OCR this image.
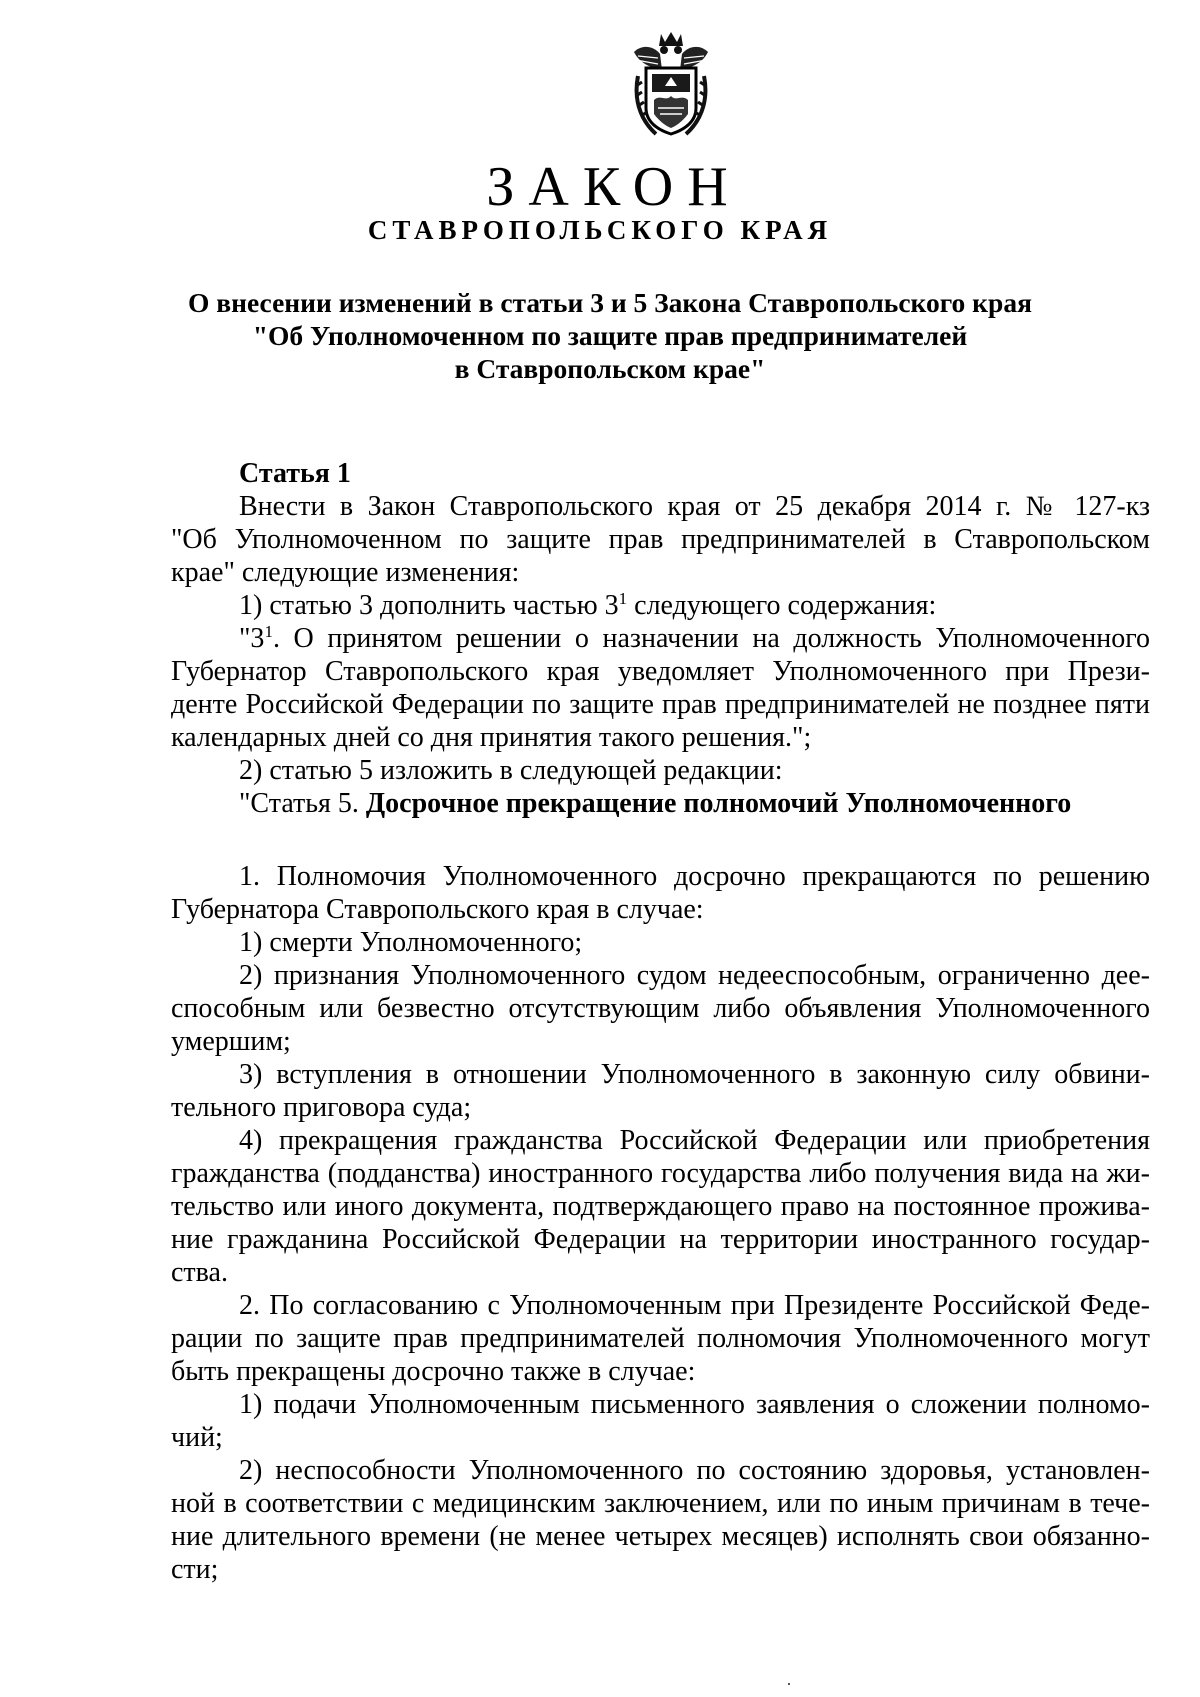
ЗАКОН
СТАВРОПОЛЬСКОГО КРАЯ
О внесении изменений в статьи 3 и 5 Закона Ставропольского края
"Об Уполномоченном по защите прав предпринимателей
в Ставропольском крае"
Статья 1
Внести в Закон Ставропольского края от 25 декабря 2014 г. № 127-кз
"Об Уполномоченном по защите прав предпринимателей в Ставропольском
крае" следующие изменения:
1) статью 3 дополнить частью $3^1$ следующего содержания:
"$3^1$. О принятом решении о назначении на должность Уполномоченного
Губернатор Ставропольского края уведомляет Уполномоченного при Прези-
денте Российской Федерации по защите прав предпринимателей не позднее пяти
календарных дней со дня принятия такого решения.";
2) статью 5 изложить в следующей редакции:
"Статья 5. Досрочное прекращение полномочий Уполномоченного
1. Полномочия Уполномоченного досрочно прекращаются по решению
Губернатора Ставропольского края в случае:
1) смерти Уполномоченного;
2) признания Уполномоченного судом недееспособным, ограниченно дее-
способным или безвестно отсутствующим либо объявления Уполномоченного
умершим;
3) вступления в отношении Уполномоченного в законную силу обвини-
тельного приговора суда;
4) прекращения гражданства Российской Федерации или приобретения
гражданства (подданства) иностранного государства либо получения вида на жи-
тельство или иного документа, подтверждающего право на постоянное прожива-
ние гражданина Российской Федерации на территории иностранного государ-
ства.
2. По согласованию с Уполномоченным при Президенте Российской Феде-
рации по защите прав предпринимателей полномочия Уполномоченного могут
быть прекращены досрочно также в случае:
1) подачи Уполномоченным письменного заявления о сложении полномо-
чий;
2) неспособности Уполномоченного по состоянию здоровья, установлен-
ной в соответствии с медицинским заключением, или по иным причинам в тече-
ние длительного времени (не менее четырех месяцев) исполнять свои обязанно-
сти;
